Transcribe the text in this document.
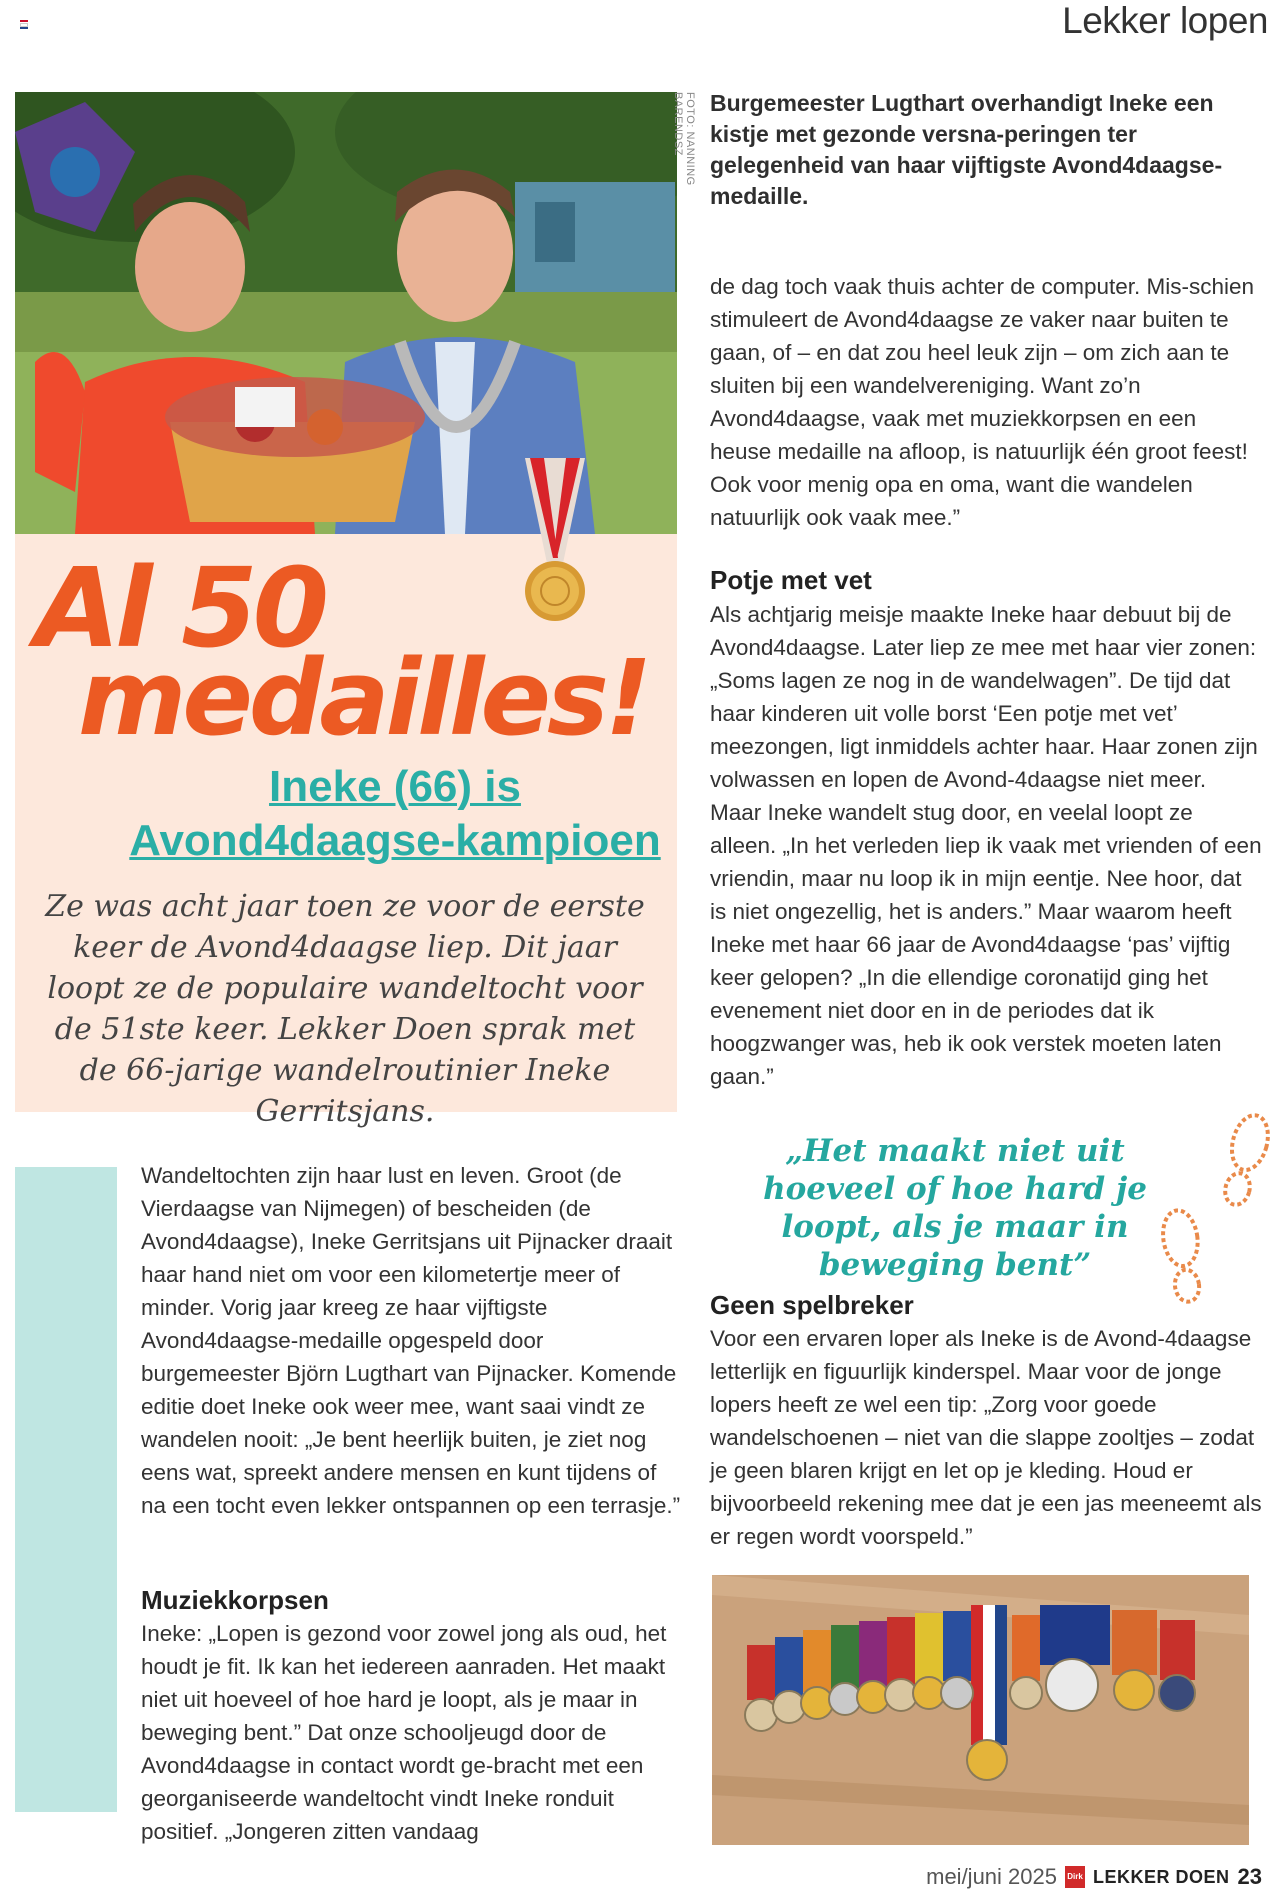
Lekker lopen
FOTO: NANNING BARENDSZ	Burgemeester Lugthart overhandigt Ineke een kistje met gezonde versna-peringen ter gelegenheid van haar vijftigste Avond4daagse-medaille.
Al 50
medailles!
Ineke (66) is
Avond4daagse-kampioen
Ze was acht jaar toen ze voor de eerste keer de Avond4daagse liep. Dit jaar loopt ze de populaire wandeltocht voor de 51ste keer. Lekker Doen sprak met de 66-jarige wandelroutinier Ineke Gerritsjans.

de dag toch vaak thuis achter de computer. Mis-schien stimuleert de Avond4daagse ze vaker naar buiten te gaan, of – en dat zou heel leuk zijn – om zich aan te sluiten bij een wandelvereniging. Want zo’n Avond4daagse, vaak met muziekkorpsen en een heuse medaille na afloop, is natuurlijk één groot feest! Ook voor menig opa en oma, want die wandelen natuurlijk ook vaak mee.”

Potje met vet

Als achtjarig meisje maakte Ineke haar debuut bij de Avond4daagse. Later liep ze mee met haar vier zonen: „Soms lagen ze nog in de wandelwagen”. De tijd dat haar kinderen uit volle borst ‘Een potje met vet’ meezongen, ligt inmiddels achter haar. Haar zonen zijn volwassen en lopen de Avond-4daagse niet meer. Maar Ineke wandelt stug door, en veelal loopt ze alleen. „In het verleden liep ik vaak met vrienden of een vriendin, maar nu loop ik in mijn eentje. Nee hoor, dat is niet ongezellig, het is anders.” Maar waarom heeft Ineke met haar 66 jaar de Avond4daagse ‘pas’ vijftig keer gelopen? „In die ellendige coronatijd ging het evenement niet door en in de periodes dat ik hoogzwanger was, heb ik ook verstek moeten laten gaan.”

Wandeltochten zijn haar lust en leven. Groot (de Vierdaagse van Nijmegen) of bescheiden (de Avond4daagse), Ineke Gerritsjans uit Pijnacker draait haar hand niet om voor een kilometertje meer of minder. Vorig jaar kreeg ze haar vijftigste Avond4daagse-medaille opgespeld door burgemeester Björn Lugthart van Pijnacker. Komende editie doet Ineke ook weer mee, want saai vindt ze wandelen nooit: „Je bent heerlijk buiten, je ziet nog eens wat, spreekt andere mensen en kunt tijdens of na een tocht even lekker ontspannen op een terrasje.”

Muziekkorpsen

Ineke: „Lopen is gezond voor zowel jong als oud, het houdt je fit. Ik kan het iedereen aanraden. Het maakt niet uit hoeveel of hoe hard je loopt, als je maar in beweging bent.” Dat onze schooljeugd door de Avond4daagse in contact wordt ge-bracht met een georganiseerde wandeltocht vindt Ineke ronduit positief. „Jongeren zitten vandaag

„Het maakt niet uit hoeveel of hoe hard je loopt, als je maar in beweging bent”
Geen spelbreker

Voor een ervaren loper als Ineke is de Avond-4daagse letterlijk en figuurlijk kinderspel. Maar voor de jonge lopers heeft ze wel een tip: „Zorg voor goede wandelschoenen – niet van die slappe zooltjes – zodat je geen blaren krijgt en let op je kleding. Houd er bijvoorbeeld rekening mee dat je een jas meeneemt als er regen wordt voorspeld.”

mei/juni 2025 Dirk LEKKER DOEN 23
